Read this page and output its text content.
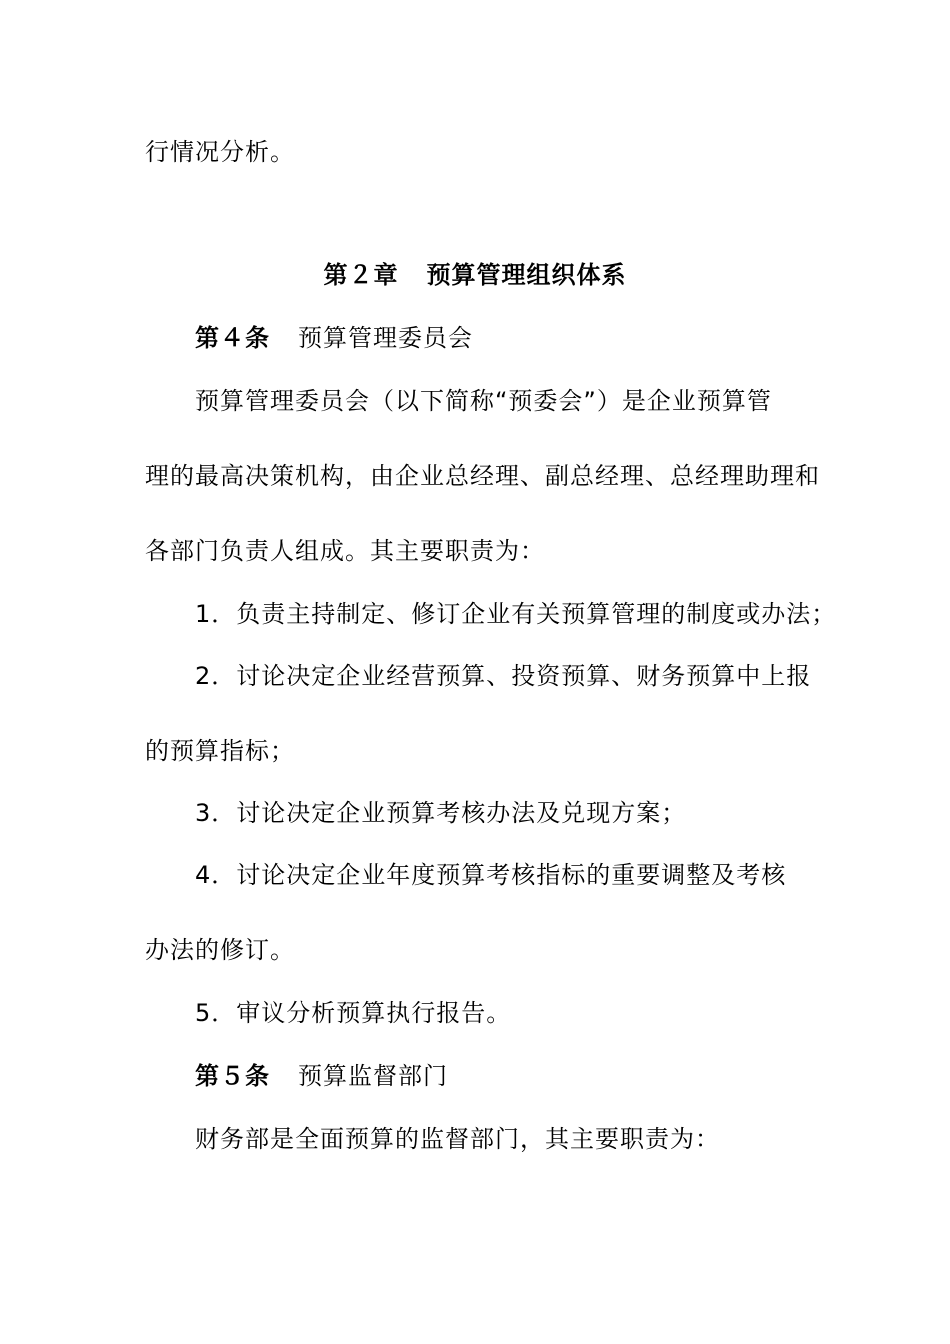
行情况分析。
第２章 预算管理组织体系
第４条 预算管理委员会
预算管理委员会（以下简称“预委会”）是企业预算管
理的最高决策机构，由企业总经理、副总经理、总经理助理和
各部门负责人组成。其主要职责为：
1．负责主持制定、修订企业有关预算管理的制度或办法；
2．讨论决定企业经营预算、投资预算、财务预算中上报
的预算指标；
3．讨论决定企业预算考核办法及兑现方案；
4．讨论决定企业年度预算考核指标的重要调整及考核
办法的修订。
5．审议分析预算执行报告。
第５条 预算监督部门
财务部是全面预算的监督部门，其主要职责为：
